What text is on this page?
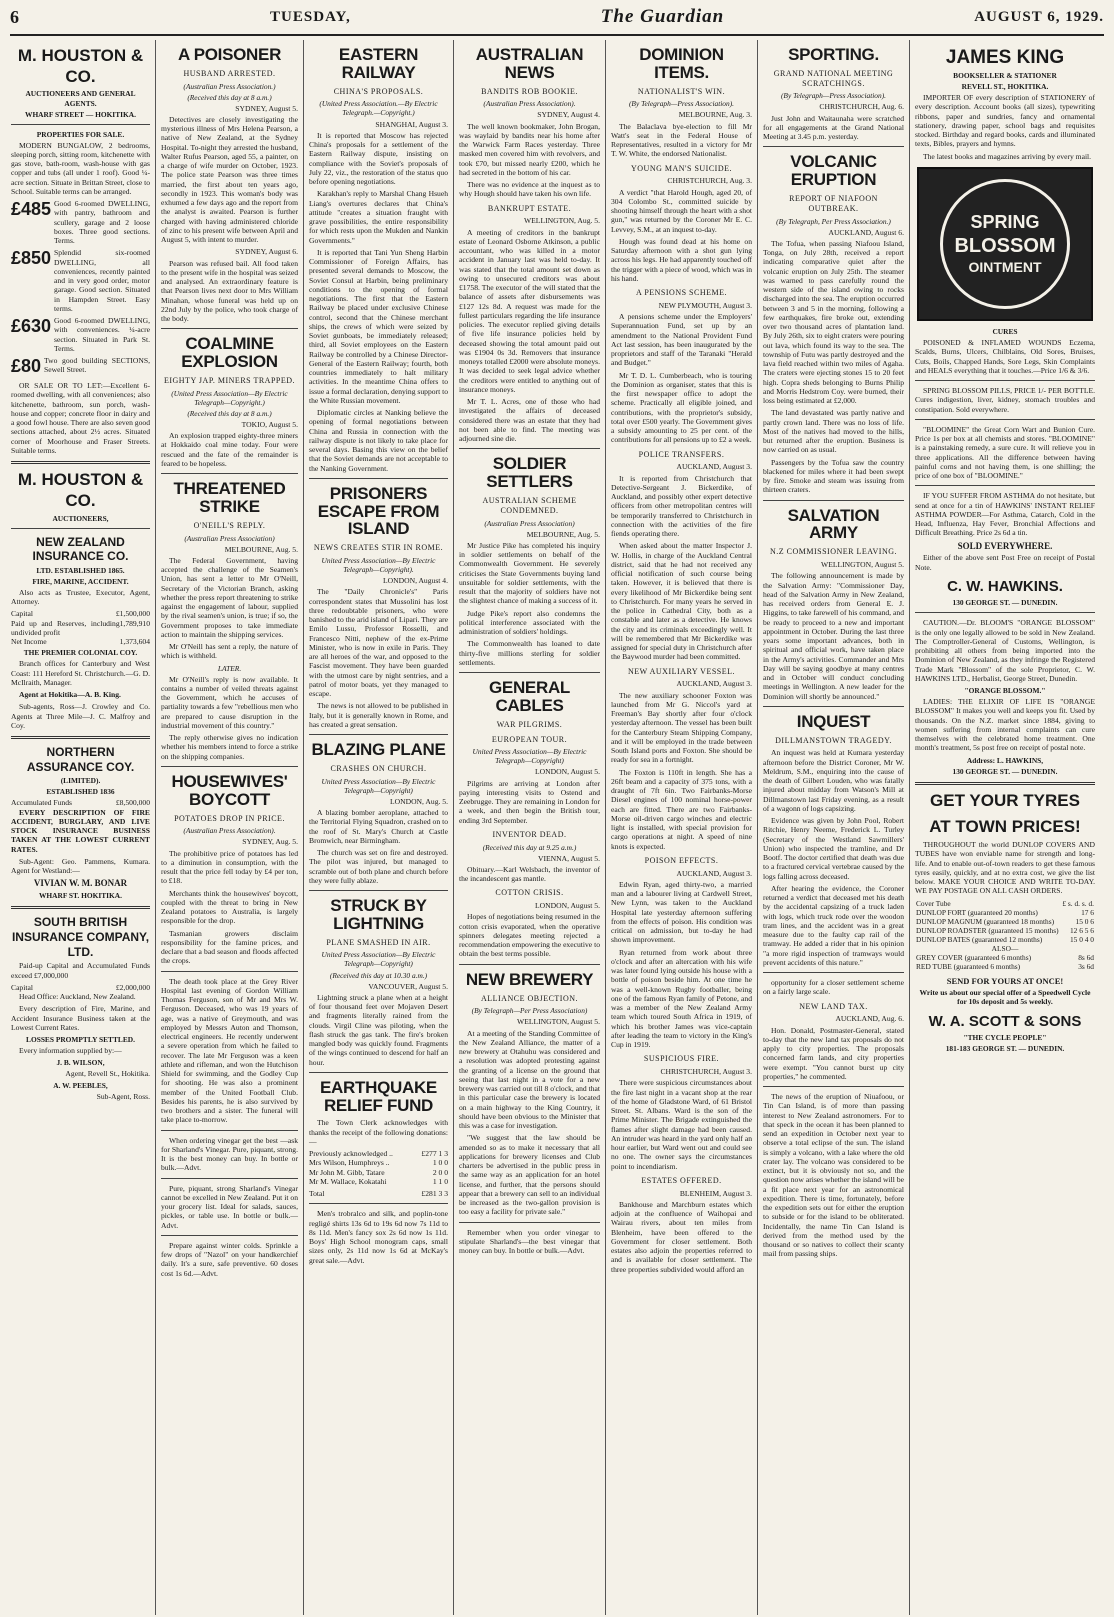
6	TUESDAY,	The Guardian	AUGUST 6, 1929.
M. HOUSTON & CO.
AUCTIONEERS AND GENERAL AGENTS.
WHARF STREET — HOKITIKA.
PROPERTIES FOR SALE.

MODERN BUNGALOW, 2 bedrooms, sleeping porch, sitting room, kitchenette with gas stove, bath-room, wash-house with gas copper and tubs (all under 1 roof). Good ¼-acre section. Situate in Brittan Street, close to School. Suitable terms can be arranged.

£485 Good 6-roomed DWELLING, with pantry, bathroom and scullery, garage and 2 loose boxes. Three good sections. Terms.
£850 Splendid six-roomed DWELLING, all conveniences, recently painted and in very good order, motor garage. Good section. Situated in Hampden Street. Easy terms.
£630 Good 6-roomed DWELLING, with conveniences. ¼-acre section. Situated in Park St. Terms.
£80 Two good building SECTIONS, Sewell Street.

OR SALE OR TO LET:—Excellent 6-roomed dwelling, with all conveniences; also kitchenette, bathroom, sun porch, wash-house and copper; concrete floor in dairy and a good fowl house. There are also seven good sections attached, about 2½ acres. Situated corner of Moorhouse and Fraser Streets. Suitable terms.

M. HOUSTON & CO.
AUCTIONEERS,
NEW ZEALAND INSURANCE CO.
LTD. ESTABLISHED 1865.
FIRE, MARINE, ACCIDENT.

Also acts as Trustee, Executor, Agent, Attorney.

Capital	£1,500,000
Paid up and Reserves, including undivided profit
1,789,910
Net Income	1,373,604
THE PREMIER COLONIAL COY.

Branch offices for Canterbury and West Coast: 111 Hereford St. Christchurch.—G. D. McIlraith, Manager.

Agent at Hokitika—A. B. King.

Sub-agents, Ross—J. Crowley and Co. Agents at Three Mile—J. C. Malfroy and Coy.

NORTHERN ASSURANCE COY.
(LIMITED).
ESTABLISHED 1836
Accumulated Funds	£8,500,000

EVERY DESCRIPTION OF FIRE ACCIDENT, BURGLARY, AND LIVE STOCK INSURANCE BUSINESS TAKEN AT THE LOWEST CURRENT RATES.

Sub-Agent: Geo. Pammens, Kumara. Agent for Westland:—

VIVIAN W. M. BONAR
WHARF ST. HOKITIKA.
SOUTH BRITISH INSURANCE COMPANY, LTD.

Paid-up Capital and Accumulated Funds exceed £7,000,000

Capital	£2,000,000

Head Office: Auckland, New Zealand.

Every description of Fire, Marine, and Accident Insurance Business taken at the Lowest Current Rates.

LOSSES PROMPTLY SETTLED.

Every information supplied by:—

J. B. WILSON,
Agent, Revell St., Hokitika.
A. W. PEEBLES,
Sub-Agent, Ross.
A POISONER
HUSBAND ARRESTED.
(Australian Press Association.)
(Received this day at 8 a.m.)
SYDNEY, August 5.

Detectives are closely investigating the mysterious illness of Mrs Helena Pearson, a native of New Zealand, at the Sydney Hospital. To-night they arrested the husband, Walter Rufus Pearson, aged 55, a painter, on a charge of wife murder on October, 1923. The police state Pearson was three times married, the first about ten years ago, secondly in 1923. This woman's body was exhumed a few days ago and the report from the analyst is awaited. Pearson is further charged with having administered chloride of zinc to his present wife between April and August 5, with intent to murder.

SYDNEY, August 6.

Pearson was refused bail. All food taken to the present wife in the hospital was seized and analysed. An extraordinary feature is that Pearson lives next door to Mrs William Minahan, whose funeral was held up on 22nd July by the police, who took charge of the body.

COALMINE EXPLOSION
EIGHTY JAP. MINERS TRAPPED.
(United Press Association—By Electric Telegraph—Copyright.)
(Received this day at 8 a.m.)
TOKIO, August 5.

An explosion trapped eighty-three miners at Hokkaido coal mine today. Four were rescued and the fate of the remainder is feared to be hopeless.

THREATENED STRIKE
O'NEILL'S REPLY.
(Australian Press Association)
MELBOURNE, Aug. 5.

The Federal Government, having accepted the challenge of the Seamen's Union, has sent a letter to Mr O'Neill, Secretary of the Victorian Branch, asking whether the press report threatening to strike against the engagement of labour, supplied by the rival seamen's union, is true; if so, the Government proposes to take immediate action to maintain the shipping services.

Mr O'Neill has sent a reply, the nature of which is withheld.

LATER.

Mr O'Neill's reply is now available. It contains a number of veiled threats against the Government, which he accuses of partiality towards a few "rebellious men who are prepared to cause disruption in the industrial movement of this country."

The reply otherwise gives no indication whether his members intend to force a strike on the shipping companies.

HOUSEWIVES' BOYCOTT
POTATOES DROP IN PRICE.
(Australian Press Association).
SYDNEY, Aug. 5.

The prohibitive price of potatoes has led to a diminution in consumption, with the result that the price fell today by £4 per ton, to £18.

Merchants think the housewives' boycott, coupled with the threat to bring in New Zealand potatoes to Australia, is largely responsible for the drop.

Tasmanian growers disclaim responsibility for the famine prices, and declare that a bad season and floods affected the crops.

The death took place at the Grey River Hospital last evening of Gordon William Thomas Ferguson, son of Mr and Mrs W. Ferguson. Deceased, who was 19 years of age, was a native of Greymouth, and was employed by Messrs Auton and Thomson, electrical engineers. He recently underwent a severe operation from which he failed to recover. The late Mr Ferguson was a keen athlete and rifleman, and won the Hutchison Shield for swimming, and the Godley Cup for shooting. He was also a prominent member of the United Football Club. Besides his parents, he is also survived by two brothers and a sister. The funeral will take place to-morrow.

When ordering vinegar get the best —ask for Sharland's Vinegar. Pure, piquant, strong. It is the best money can buy. In bottle or bulk.—Advt.

Pure, piquant, strong Sharland's Vinegar cannot be excelled in New Zealand. Put it on your grocery list. Ideal for salads, sauces, pickles, or table use. In bottle or bulk.—Advt.

Prepare against winter colds. Sprinkle a few drops of "Nazol" on your handkerchief daily. It's a sure, safe preventive. 60 doses cost 1s 6d.—Advt.

EASTERN RAILWAY
CHINA'S PROPOSALS.
(United Press Association.—By Electric Telegraph.—Copyright.)
SHANGHAI, August 3.

It is reported that Moscow has rejected China's proposals for a settlement of the Eastern Railway dispute, insisting on compliance with the Soviet's proposals of July 22, viz., the restoration of the status quo before opening negotiations.

Karakhan's reply to Marshal Chang Hsueh Liang's overtures declares that China's attitude "creates a situation fraught with grave possibilities, the entire responsibility for which rests upon the Mukden and Nankin Governments."

It is reported that Tani Yun Sheng Harbin Commissioner of Foreign Affairs, has presented several demands to Moscow, the Soviet Consul at Harbin, being preliminary conditions to the opening of formal negotiations. The first that the Eastern Railway be placed under exclusive Chinese control, second that the Chinese merchant ships, the crews of which were seized by Soviet gunboats, be immediately released; third, all Soviet employees on the Eastern Railway be controlled by a Chinese Director-General of the Eastern Railway; fourth, both countries immediately to halt military activities. In the meantime China offers to issue a formal declaration, denying support to the White Russian movement.

Diplomatic circles at Nanking believe the opening of formal negotiations between China and Russia in connection with the railway dispute is not likely to take place for several days. Basing this view on the belief that the Soviet demands are not acceptable to the Nanking Government.

PRISONERS ESCAPE FROM ISLAND
NEWS CREATES STIR IN ROME.
United Press Association—By Electric Telegraph—Copyright).
LONDON, August 4.

The "Daily Chronicle's" Paris correspondent states that Mussolini has lost three redoubtable prisoners, who were banished to the arid island of Lipari. They are Emilo Lussu, Professor Rosselli, and Francesco Nitti, nephew of the ex-Prime Minister, who is now in exile in Paris. They are all heroes of the war, and opposed to the Fascist movement. They have been guarded with the utmost care by night sentries, and a patrol of motor boats, yet they managed to escape.

The news is not allowed to be published in Italy, but it is generally known in Rome, and has created a great sensation.

BLAZING PLANE
CRASHES ON CHURCH.
United Press Association—By Electric Telegraph—Copyright)
LONDON, Aug. 5.

A blazing bomber aeroplane, attached to the Territorial Flying Squadron, crashed on to the roof of St. Mary's Church at Castle Bromwich, near Birmingham.

The church was set on fire and destroyed. The pilot was injured, but managed to scramble out of both plane and church before they were fully ablaze.

STRUCK BY LIGHTNING
PLANE SMASHED IN AIR.
United Press Association—By Electric Telegraph—Copyright)
(Received this day at 10.30 a.m.)
VANCOUVER, August 5.

Lightning struck a plane when at a height of four thousand feet over Mojaven Desert and fragments literally rained from the clouds. Virgil Cline was piloting, when the flash struck the gas tank. The fire's broken mangled body was quickly found. Fragments of the wings continued to descend for half an hour.

EARTHQUAKE RELIEF FUND

The Town Clerk acknowledges with thanks the receipt of the following donations:—

Previously acknowledged ..	£277 1 3
Mrs Wilson, Humphreys ..	1 0 0
Mr John M. Gibb, Tatare	2 0 0
Mr M. Wallace, Kokatahi	1 1 0
Total	£281 3 3

Men's trobralco and silk, and poplin-tone regligé shirts 13s 6d to 19s 6d now 7s 11d to 8s 11d. Men's fancy sox 2s 6d now 1s 11d. Boys' High School monogram caps, small sizes only, 2s 11d now 1s 6d at McKay's great sale.—Advt.

AUSTRALIAN NEWS
BANDITS ROB BOOKIE.
(Australian Press Association).
SYDNEY, August 4.

The well known bookmaker, John Brogan, was waylaid by bandits near his home after the Warwick Farm Races yesterday. Three masked men covered him with revolvers, and took £70, but missed nearly £200, which he had secreted in the bottom of his car.

There was no evidence at the inquest as to why Hough should have taken his own life.

BANKRUPT ESTATE.
WELLINGTON, Aug. 5.

A meeting of creditors in the bankrupt estate of Leonard Osborne Atkinson, a public accountant, who was killed in a motor accident in January last was held to-day. It was stated that the total amount set down as owing to unsecured creditors was about £1758. The executor of the will stated that the balance of assets after disbursements was £127 12s 8d. A request was made for the fullest particulars regarding the life insurance policies. The executor replied giving details of five life insurance policies held by deceased showing the total amount paid out was £1904 0s 3d. Removers that insurance moneys totalled £2000 were absolute moneys. It was decided to seek legal advice whether the creditors were entitled to anything out of insurance moneys.

Mr T. L. Acres, one of those who had investigated the affairs of deceased considered there was an estate that they had not been able to find. The meeting was adjourned sine die.

SOLDIER SETTLERS
AUSTRALIAN SCHEME CONDEMNED.
(Australian Press Association)
MELBOURNE, Aug. 5.

Mr Justice Pike has completed his inquiry in soldier settlements on behalf of the Commonwealth Government. He severely criticises the State Governments buying land unsuitable for soldier settlements, with the result that the majority of soldiers have not the slightest chance of making a success of it.

Judge Pike's report also condemns the political interference associated with the administration of soldiers' holdings.

The Commonwealth has loaned to date thirty-five millions sterling for soldier settlements.

GENERAL CABLES
WAR PILGRIMS.
EUROPEAN TOUR.
United Press Association—By Electric Telegraph—Copyright)
LONDON, August 5.

Pilgrims are arriving at London after paying interesting visits to Ostend and Zeebrugge. They are remaining in London for a week, and then begin the British tour, ending 3rd September.

INVENTOR DEAD.
(Received this day at 9.25 a.m.)
VIENNA, August 5.

Obituary.—Karl Welsbach, the inventor of the incandescent gas mantle.

COTTON CRISIS.
LONDON, August 5.

Hopes of negotiations being resumed in the cotton crisis evaporated, when the operative spinners delegates meeting rejected a recommendation empowering the executive to obtain the best terms possible.

NEW BREWERY
ALLIANCE OBJECTION.
(By Telegraph—Per Press Association)
WELLINGTON, August 5.

At a meeting of the Standing Committee of the New Zealand Alliance, the matter of a new brewery at Otahuhu was considered and a resolution was adopted protesting against the granting of a license on the ground that seeing that last night in a vote for a new brewery was carried out till 8 o'clock, and that in this particular case the brewery is located on a main highway to the King Country, it should have been obvious to the Minister that this was a case for investigation.

"We suggest that the law should be amended so as to make it necessary that all applications for brewery licenses and Club charters be advertised in the public press in the same way as an application for an hotel license, and further, that the persons should appear that a brewery can sell to an individual be increased as the two-gallon provision is too easy a facility for private sale."

Remember when you order vinegar to stipulate Sharland's—the best vinegar that money can buy. In bottle or bulk.—Advt.

DOMINION ITEMS.
NATIONALIST'S WIN.
(By Telegraph—Press Association).
MELBOURNE, Aug. 3.

The Balaclava bye-election to fill Mr Watt's seat in the Federal House of Representatives, resulted in a victory for Mr T. W. White, the endorsed Nationalist.

YOUNG MAN'S SUICIDE.
CHRISTCHURCH, Aug. 3.

A verdict "that Harold Hough, aged 20, of 304 Colombo St., committed suicide by shooting himself through the heart with a shot gun," was returned by the Coroner Mr E. C. Levvey, S.M., at an inquest to-day.

Hough was found dead at his home on Saturday afternoon with a shot gun lying across his legs. He had apparently touched off the trigger with a piece of wood, which was in his hand.

A PENSIONS SCHEME.
NEW PLYMOUTH, August 3.

A pensions scheme under the Employers' Superannuation Fund, set up by an amendment to the National Provident Fund Act last session, has been inaugurated by the proprietors and staff of the Taranaki "Herald and Budget."

Mr T. D. L. Cumberbeach, who is touring the Dominion as organiser, states that this is the first newspaper office to adopt the scheme. Practically all eligible joined, and contributions, with the proprietor's subsidy, total over £500 yearly. The Government gives a subsidy amounting to 25 per cent. of the contributions for all pensions up to £2 a week.

POLICE TRANSFERS.
AUCKLAND, August 3.

It is reported from Christchurch that Detective-Sergeant J. Bickerdike, of Auckland, and possibly other expert detective officers from other metropolitan centres will be temporarily transferred to Christchurch in connection with the activities of the fire fiends operating there.

When asked about the matter Inspector J. W. Hollis, in charge of the Auckland Central district, said that he had not received any official notification of such course being taken. However, it is believed that there is every likelihood of Mr Bickerdike being sent to Christchurch. For many years he served in the police in Cathedral City, both as a constable and later as a detective. He knows the city and its criminals exceedingly well. It will be remembered that Mr Bickerdike was assigned for special duty in Christchurch after the Baywood murder had been committed.

NEW AUXILIARY VESSEL.
AUCKLAND, August 3.

The new auxiliary schooner Foxton was launched from Mr G. Niccol's yard at Freeman's Bay shortly after four o'clock yesterday afternoon. The vessel has been built for the Canterbury Steam Shipping Company, and it will be employed in the trade between South Island ports and Foxton. She should be ready for sea in a fortnight.

The Foxton is 110ft in length. She has a 26ft beam and a capacity of 375 tons, with a draught of 7ft 6in. Two Fairbanks-Morse Diesel engines of 100 nominal horse-power each are fitted. There are two Fairbanks-Morse oil-driven cargo winches and electric light is installed, with special provision for cargo operations at night. A speed of nine knots is expected.

POISON EFFECTS.
AUCKLAND, August 3.

Edwin Ryan, aged thirty-two, a married man and a labourer living at Cardwell Street, New Lynn, was taken to the Auckland Hospital late yesterday afternoon suffering from the effects of poison. His condition was critical on admission, but to-day he had shown improvement.

Ryan returned from work about three o'clock and after an altercation with his wife was later found lying outside his house with a bottle of poison beside him. At one time he was a well-known Rugby footballer, being one of the famous Ryan family of Petone, and was a member of the New Zealand Army team which toured South Africa in 1919, of which his brother James was vice-captain after leading the team to victory in the King's Cup in 1919.

SUSPICIOUS FIRE.
CHRISTCHURCH, August 3.

There were suspicious circumstances about the fire last night in a vacant shop at the rear of the home of Gladstone Ward, of 61 Bristol Street. St. Albans. Ward is the son of the Prime Minister. The Brigade extinguished the flames after slight damage had been caused. An intruder was heard in the yard only half an hour earlier, but Ward went out and could see no one. The owner says the circumstances point to incendiarism.

ESTATES OFFERED.
BLENHEIM, August 3.

Bankhouse and Marchburn estates which adjoin at the confluence of Waihopai and Wairau rivers, about ten miles from Blenheim, have been offered to the Government for closer settlement. Both estates also adjoin the properties referred to and is available for closer settlement. The three properties subdivided would afford an

SPORTING.
GRAND NATIONAL MEETING SCRATCHINGS.
(By Telegraph—Press Association).
CHRISTCHURCH, Aug. 6.

Just John and Waitaunaha were scratched for all engagements at the Grand National Meeting at 3.45 p.m. yesterday.

VOLCANIC ERUPTION
REPORT OF NIAFOON OUTBREAK.
(By Telegraph, Per Press Association.)
AUCKLAND, August 6.

The Tofua, when passing Niafoou Island, Tonga, on July 28th, received a report indicating comparative quiet after the volcanic eruption on July 25th. The steamer was warned to pass carefully round the western side of the island owing to rocks discharged into the sea. The eruption occurred between 3 and 5 in the morning, following a few earthquakes, fire broke out, extending over two thousand acres of plantation land. By July 26th, six to eight craters were pouring out lava, which found its way to the sea. The township of Futu was partly destroyed and the lava field reached within two miles of Agaha. The craters were ejecting stones 15 to 20 feet high. Copra sheds belonging to Burns Philip and Morris Hedstrom Coy. were burned, their loss being estimated at £2,000.

The land devastated was partly native and partly crown land. There was no loss of life. Most of the natives had moved to the hills, but returned after the eruption. Business is now carried on as usual.

Passengers by the Tofua saw the country blackened for miles where it had been swept by fire. Smoke and steam was issuing from thirteen craters.

SALVATION ARMY
N.Z COMMISSIONER LEAVING.
WELLINGTON, August 5.

The following announcement is made by the Salvation Army: "Commissioner Day, head of the Salvation Army in New Zealand, has received orders from General E. J. Higgins, to take farewell of his command, and be ready to proceed to a new and important appointment in October. During the last three years some important advances, both in spiritual and official work, have taken place in the Army's activities. Commander and Mrs Day will be saying goodbye at many centres and in October will conduct concluding meetings in Wellington. A new leader for the Dominion will shortly be announced."

INQUEST
DILLMANSTOWN TRAGEDY.

An inquest was held at Kumara yesterday afternoon before the District Coroner, Mr W. Meldrum, S.M., enquiring into the cause of the death of Gilbert Louden, who was fatally injured about midday from Watson's Mill at Dillmanstown last Friday evening, as a result of a wagonn of logs capsizing.

Evidence was given by John Pool, Robert Ritchie, Henry Neeme, Frederick L. Turley (Secretary of the Westland Sawmillers' Union) who inspected the tramline, and Dr Bootf. The doctor certified that death was due to a fractured cervical vertebrae caused by the logs falling across deceased.

After hearing the evidence, the Coroner returned a verdict that deceased met his death by the accidental capsizing of a truck laden with logs, which truck rode over the woodon tram lines, and the accident was in a great measure due to the faulty cap rail of the tramway. He added a rider that in his opinion "a more rigid inspection of tramways would prevent accidents of this nature."

opportunity for a closer settlement scheme on a fairly large scale.

NEW LAND TAX.
AUCKLAND, Aug. 6.

Hon. Donald, Postmaster-General, stated to-day that the new land tax proposals do not apply to city properties. The proposals concerned farm lands, and city properties were exempt. "You cannot burst up city properties," he commented.

The news of the eruption of Niuafoou, or Tin Can Island, is of more than passing interest to New Zealand astronomers. For to that speck in the ocean it has been planned to send an expedition in October next year to observe a total eclipse of the sun. The island is simply a volcano, with a lake where the old crater lay. The volcano was considered to be extinct, but it is obviously not so, and the question now arises whether the island will be a fit place next year for an astronomical expedition. There is time, fortunately, before the expedition sets out for either the eruption to subside or for the island to be obliterated. Incidentally, the name Tin Can Island is derived from the method used by the thousand or so natives to collect their scanty mail from passing ships.

JAMES KING
BOOKSELLER & STATIONER
REVELL ST., HOKITIKA.

IMPORTER OF every description of STATIONERY of every description. Account books (all sizes), typewriting ribbons, paper and sundries, fancy and ornamental stationery, drawing paper, school bags and requisites stocked. Birthday and regard books, cards and illuminated texts, Bibles, prayers and hymns.

The latest books and magazines arriving by every mail.

SPRING
BLOSSOM
OINTMENT
CURES

POISONED & INFLAMED WOUNDS Eczema, Scalds, Burns, Ulcers, Chilblains, Old Sores, Bruises, Cuts, Boils, Chapped Hands, Sore Legs, Skin Complaints and HEALS everything that it touches.—Price 1/6 & 3/6.

SPRING BLOSSOM PILLS, PRICE 1/- PER BOTTLE. Cures indigestion, liver, kidney, stomach troubles and constipation. Sold everywhere.

"BLOOMINE" the Great Corn Wart and Bunion Cure. Price 1s per box at all chemists and stores. "BLOOMINE" is a painstaking remedy, a sure cure. It will relieve you in three applications. All the difference between having painful corns and not having them, is one shilling; the price of one box of "BLOOMINE."

IF YOU SUFFER FROM ASTHMA do not hesitate, but send at once for a tin of HAWKINS' INSTANT RELIEF ASTHMA POWDER—For Asthma, Catarch, Cold in the Head, Influenza, Hay Fever, Bronchial Affections and Difficult Breathing. Price 2s 6d a tin.

SOLD EVERYWHERE.

Either of the above sent Post Free on receipt of Postal Note.

C. W. HAWKINS.
130 GEORGE ST. — DUNEDIN.

CAUTION.—Dr. BLOOM'S "ORANGE BLOSSOM" is the only one legally allowed to be sold in New Zealand. The Comptroller-General of Customs, Wellington, is prohibiting all others from being imported into the Dominion of New Zealand, as they infringe the Registered Trade Mark "Blossom" of the sole Proprietor, C. W. HAWKINS LTD., Herbalist, George Street, Dunedin.

"ORANGE BLOSSOM."

LADIES: THE ELIXIR OF LIFE IS "ORANGE BLOSSOM" It makes you well and keeps you fit. Used by thousands. On the N.Z. market since 1884, giving to women suffering from internal complaints can cure themselves with the celebrated home treatment. One month's treatment, 5s post free on receipt of postal note.

Address: L. HAWKINS,
130 GEORGE ST. — DUNEDIN.
GET YOUR TYRES
AT TOWN PRICES!

THROUGHOUT the world DUNLOP COVERS AND TUBES have won enviable name for strength and long-life. And to enable out-of-town readers to get these famous tyres easily, quickly, and at no extra cost, we give the list below. MAKE YOUR CHOICE AND WRITE TO-DAY. WE PAY POSTAGE ON ALL CASH ORDERS.

Cover Tube	£ s. d. s. d.
DUNLOP FORT (guaranteed 20 months)	17 6
DUNLOP MAGNUM (guaranteed 18 months)	15 0 6
DUNLOP ROADSTER (guaranteed 15 months)	12 6 5 6
DUNLOP BATES (guaranteed 12 months)	15 0 4 0
ALSO—	
GREY COVER (guaranteed 6 months)	8s 6d
RED TUBE (guaranteed 6 months)	3s 6d
SEND FOR YOURS AT ONCE!

Write us about our special offer of a Speedwell Cycle for 10s deposit and 5s weekly.

W. A. SCOTT & SONS
"THE CYCLE PEOPLE"
181-183 GEORGE ST. — DUNEDIN.
